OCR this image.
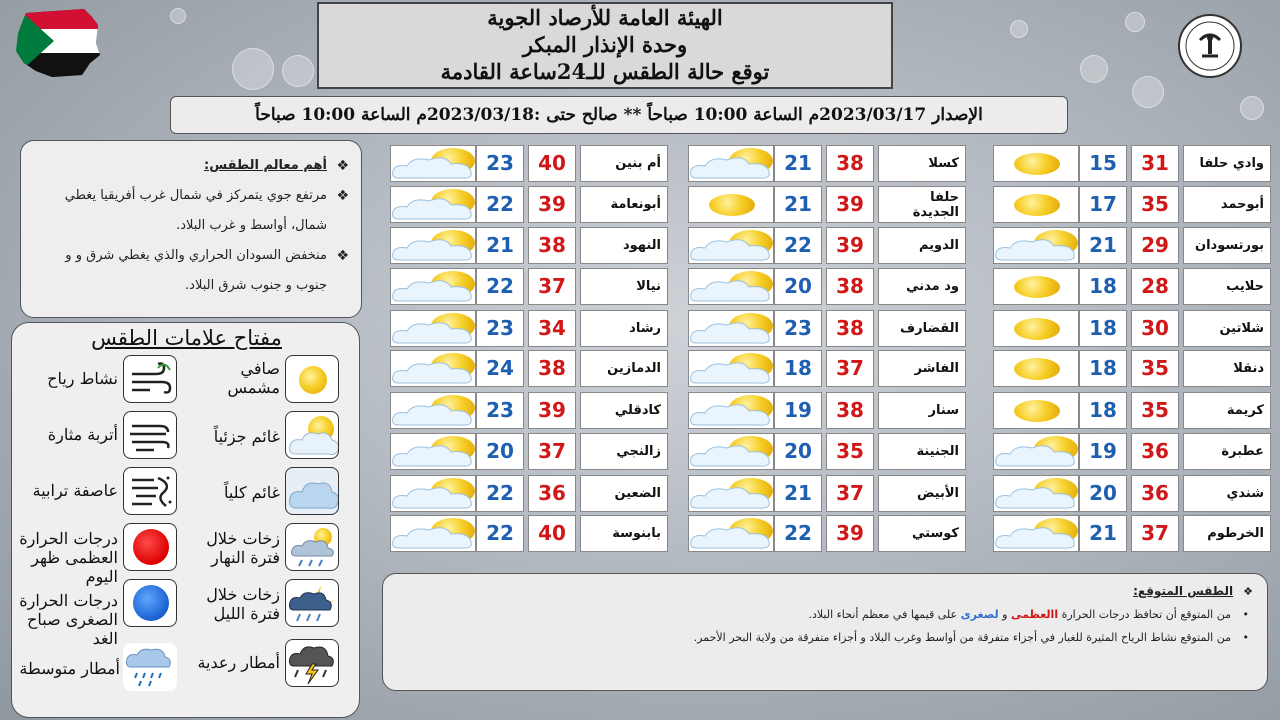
الهيئة العامة للأرصاد الجوية
وحدة الإنذار المبكر
توقع حالة الطقس للـ24ساعة القادمة
الإصدار 2023/03/17م الساعة 10:00 صباحاً ** صالح حتى :2023/03/18م الساعة 10:00 صباحاً
❖
أهم معالم الطقس:
❖
مرتفع جوي يتمركز في شمال غرب أفريقيا يغطي شمال، أواسط و غرب البلاد.
❖
منخفض السودان الحراري والذي يغطي شرق و و جنوب و جنوب شرق البلاد.
مفتاح علامات الطقس
صافي مشمس
غائم جزئياً
غائم كلياً
زخات خلال فترة النهار
زخات خلال فترة الليل
أمطار رعدية
نشاط رياح
أتربة مثارة
عاصفة ترابية
درجات الحرارة العظمى ظهر اليوم
درجات الحرارة الصغرى صباح الغد
أمطار متوسطة
15	31	وادي حلفا
17	35	أبوحمد
21	29	بورتسودان
18	28	حلايب
18	30	شلاتين
18	35	دنقلا
18	35	كريمة
19	36	عطبرة
20	36	شندي
21	37	الخرطوم
21	38	كسلا
21	39	حلفا الجديدة
22	39	الدويم
20	38	ود مدني
23	38	القضارف
18	37	الفاشر
19	38	سنار
20	35	الجنينة
21	37	الأبيض
22	39	كوستي
23	40	أم بنين
22	39	أبونعامة
21	38	النهود
22	37	نيالا
23	34	رشاد
24	38	الدمازين
23	39	كادقلي
20	37	زالنجي
22	36	الضعين
22	40	بابنوسة
❖الطقس المتوقع:
•
من المتوقع أن تحافظ درجات الحرارة االعظمى و لصغرى على قيمها في معظم أنحاء البلاد.
•
من المتوقع نشاط الرياح المثيرة للغبار في أجزاء متفرقة من أواسط وغرب البلاد و أجزاء متفرقة من ولاية البحر الأحمر.
